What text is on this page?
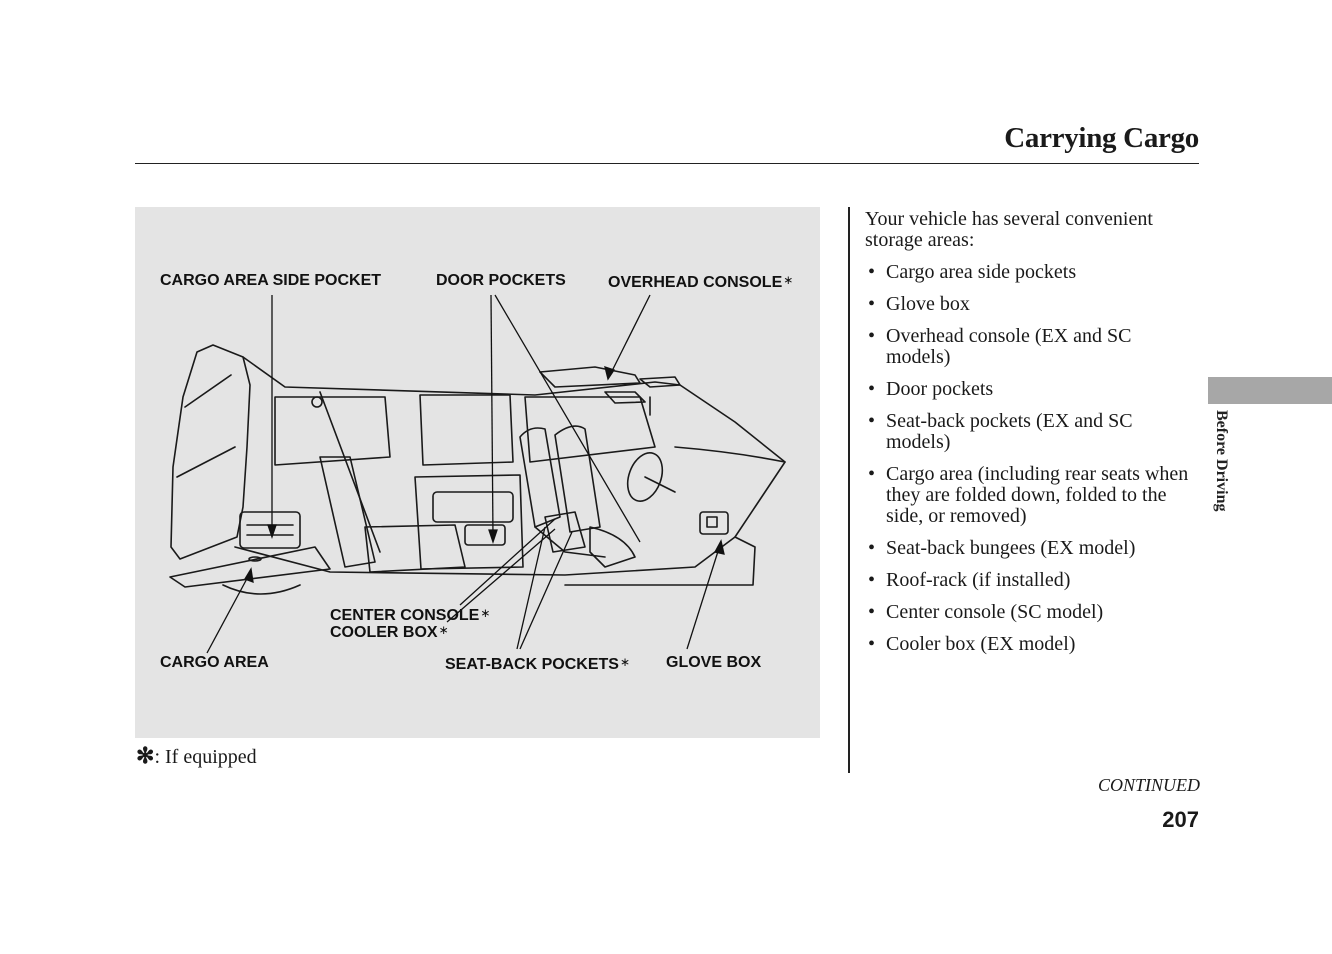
Carrying Cargo
CARGO AREA SIDE POCKET	DOOR POCKETS	OVERHEAD CONSOLE∗
CENTER CONSOLE∗
COOLER BOX∗
CARGO AREA	SEAT-BACK POCKETS∗ GLOVE BOX
✻: If equipped
Your vehicle has several convenient storage areas:
• Cargo area side pockets
• Glove box
• Overhead console (EX and SC models)
• Door pockets
• Seat-back pockets (EX and SC models)
• Cargo area (including rear seats when they are folded down, folded to the side, or removed)
• Seat-back bungees (EX model)
• Roof-rack (if installed)
• Center console (SC model)
• Cooler box (EX model)
Before Driving
CONTINUED
207
